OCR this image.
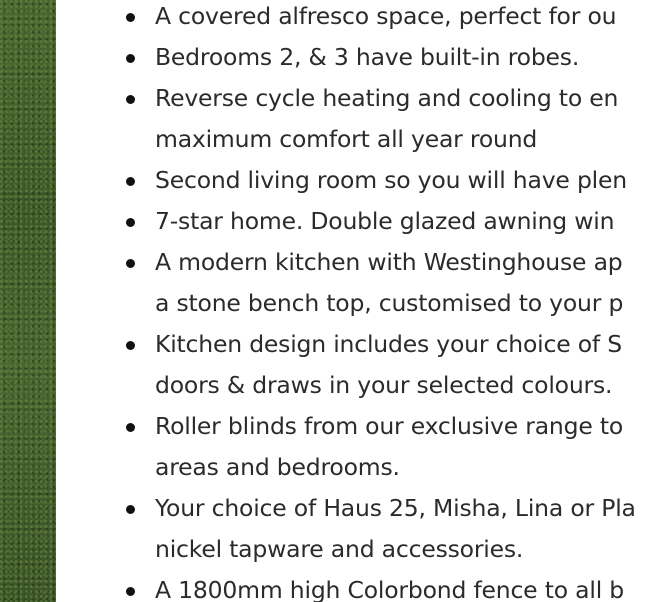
A covered alfresco space, perfect for ou
Bedrooms 2, & 3 have built-in robes.
Reverse cycle heating and cooling to en
maximum comfort all year round
Second living room so you will have plen
7-star home. Double glazed awning win
A modern kitchen with Westinghouse ap
a stone bench top, customised to your p
Kitchen design includes your choice of S
doors & draws in your selected colours.
Roller blinds from our exclusive range to
areas and bedrooms.
Your choice of Haus 25, Misha, Lina or Pla
nickel tapware and accessories.
A 1800mm high Colorbond fence to all b
